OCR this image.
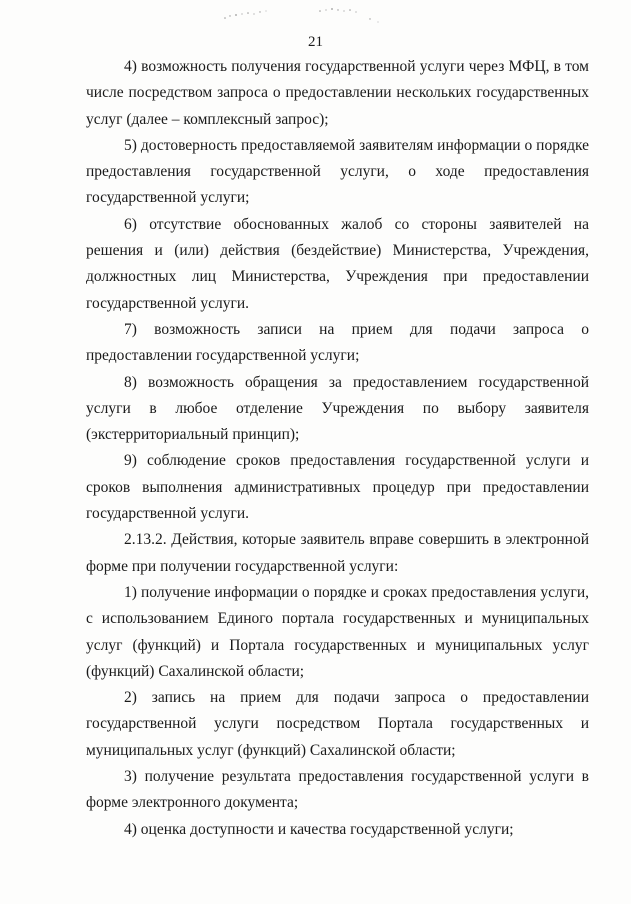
21

4) возможность получения государственной услуги через МФЦ, в том числе посредством запроса о предоставлении нескольких государственных услуг (далее – комплексный запрос);

5) достоверность предоставляемой заявителям информации о порядке предоставления государственной услуги, о ходе предоставления государственной услуги;

6) отсутствие обоснованных жалоб со стороны заявителей на решения и (или) действия (бездействие) Министерства, Учреждения, должностных лиц Министерства, Учреждения при предоставлении государственной услуги.

7) возможность записи на прием для подачи запроса о предоставлении государственной услуги;

8) возможность обращения за предоставлением государственной услуги в любое отделение Учреждения по выбору заявителя (экстерриториальный принцип);

9) соблюдение сроков предоставления государственной услуги и сроков выполнения административных процедур при предоставлении государственной услуги.

2.13.2. Действия, которые заявитель вправе совершить в электронной форме при получении государственной услуги:

1) получение информации о порядке и сроках предоставления услуги, с использованием Единого портала государственных и муниципальных услуг (функций) и Портала государственных и муниципальных услуг (функций) Сахалинской области;

2) запись на прием для подачи запроса о предоставлении государственной услуги посредством Портала государственных и муниципальных услуг (функций) Сахалинской области;

3) получение результата предоставления государственной услуги в форме электронного документа;

4) оценка доступности и качества государственной услуги;
